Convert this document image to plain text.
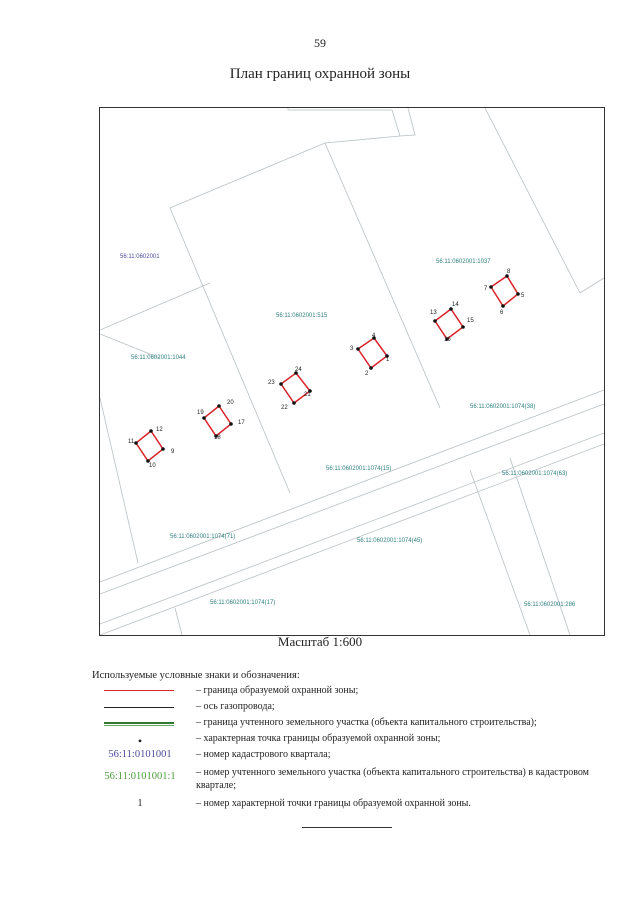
59
План границ охранной зоны
56:11:0602001
56:11:0602001:1037
56:11:0602001:515
56:11:0602001:1044
56:11:0602001:1074(38)
56:11:0602001:1074(15)
56:11:0602001:1074(63)
56:11:0602001:1074(71)
56:11:0602001:1074(45)
56:11:0602001:1074(17)	56:11:0602001:286
8
5
6
7
14
15
16
13
4
1
2
3
24
21
22
23
20
17
18
19
12
9
10
11
Масштаб 1:600
Используемые условные знаки и обозначения:
– граница образуемой охранной зоны;
– ось газопровода;
– граница учтенного земельного участка (объекта капитального строительства);
•	– характерная точка границы образуемой охранной зоны;
56:11:0101001	– номер кадастрового квартала;
56:11:0101001:1	– номер учтенного земельного участка (объекта капитального строительства) в кадастровом квартале;
1	– номер характерной точки границы образуемой охранной зоны.
